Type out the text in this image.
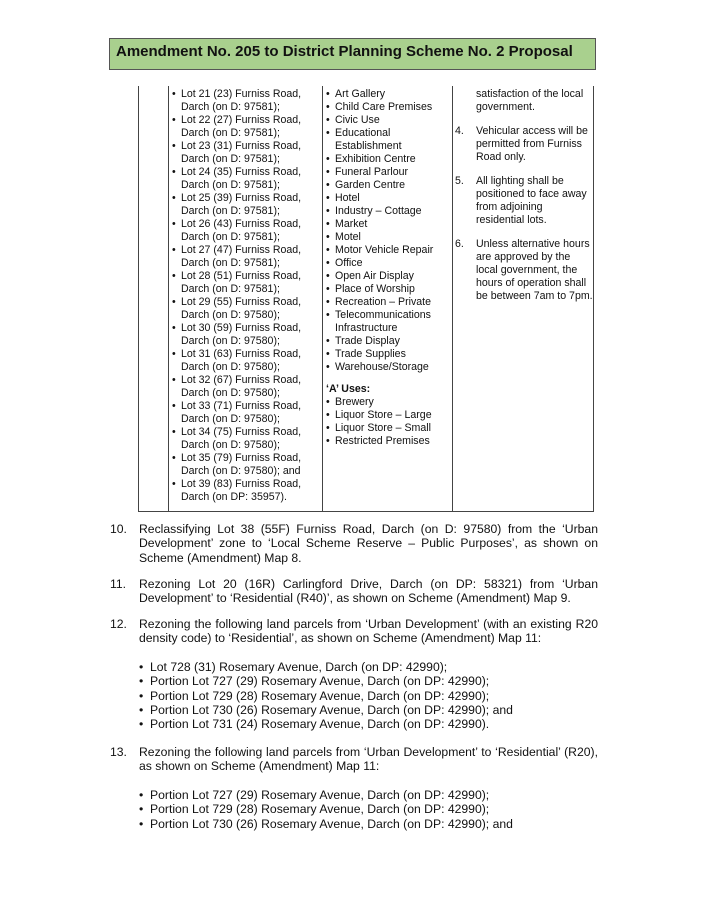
Amendment No. 205 to District Planning Scheme No. 2 Proposal
• Lot 21 (23) Furniss Road,
Darch (on D: 97581);
• Lot 22 (27) Furniss Road,
Darch (on D: 97581);
• Lot 23 (31) Furniss Road,
Darch (on D: 97581);
• Lot 24 (35) Furniss Road,
Darch (on D: 97581);
• Lot 25 (39) Furniss Road,
Darch (on D: 97581);
• Lot 26 (43) Furniss Road,
Darch (on D: 97581);
• Lot 27 (47) Furniss Road,
Darch (on D: 97581);
• Lot 28 (51) Furniss Road,
Darch (on D: 97581);
• Lot 29 (55) Furniss Road,
Darch (on D: 97580);
• Lot 30 (59) Furniss Road,
Darch (on D: 97580);
• Lot 31 (63) Furniss Road,
Darch (on D: 97580);
• Lot 32 (67) Furniss Road,
Darch (on D: 97580);
• Lot 33 (71) Furniss Road,
Darch (on D: 97580);
• Lot 34 (75) Furniss Road,
Darch (on D: 97580);
• Lot 35 (79) Furniss Road,
Darch (on D: 97580); and
• Lot 39 (83) Furniss Road,
Darch (on DP: 35957).
• Art Gallery
• Child Care Premises
• Civic Use
• Educational Establishment
• Exhibition Centre
• Funeral Parlour
• Garden Centre
• Hotel
• Industry – Cottage
• Market
• Motel
• Motor Vehicle Repair
• Office
• Open Air Display
• Place of Worship
• Recreation – Private
• Telecommunications Infrastructure
• Trade Display
• Trade Supplies
• Warehouse/Storage
‘A’ Uses:
• Brewery
• Liquor Store – Large
• Liquor Store – Small
• Restricted Premises
satisfaction of the local government.
4. Vehicular access will be permitted from Furniss Road only.
5. All lighting shall be positioned to face away from adjoining residential lots.
6. Unless alternative hours are approved by the local government, the hours of operation shall be between 7am to 7pm.
10. Reclassifying Lot 38 (55F) Furniss Road, Darch (on D: 97580) from the ‘Urban Development’ zone to ‘Local Scheme Reserve – Public Purposes’, as shown on Scheme (Amendment) Map 8.
11. Rezoning Lot 20 (16R) Carlingford Drive, Darch (on DP: 58321) from ‘Urban Development’ to ‘Residential (R40)’, as shown on Scheme (Amendment) Map 9.
12. Rezoning the following land parcels from ‘Urban Development’ (with an existing R20 density code) to ‘Residential’, as shown on Scheme (Amendment) Map 11:
• Lot 728 (31) Rosemary Avenue, Darch (on DP: 42990);
• Portion Lot 727 (29) Rosemary Avenue, Darch (on DP: 42990);
• Portion Lot 729 (28) Rosemary Avenue, Darch (on DP: 42990);
• Portion Lot 730 (26) Rosemary Avenue, Darch (on DP: 42990); and
• Portion Lot 731 (24) Rosemary Avenue, Darch (on DP: 42990).
13. Rezoning the following land parcels from ‘Urban Development’ to ‘Residential’ (R20), as shown on Scheme (Amendment) Map 11:
• Portion Lot 727 (29) Rosemary Avenue, Darch (on DP: 42990);
• Portion Lot 729 (28) Rosemary Avenue, Darch (on DP: 42990);
• Portion Lot 730 (26) Rosemary Avenue, Darch (on DP: 42990); and
